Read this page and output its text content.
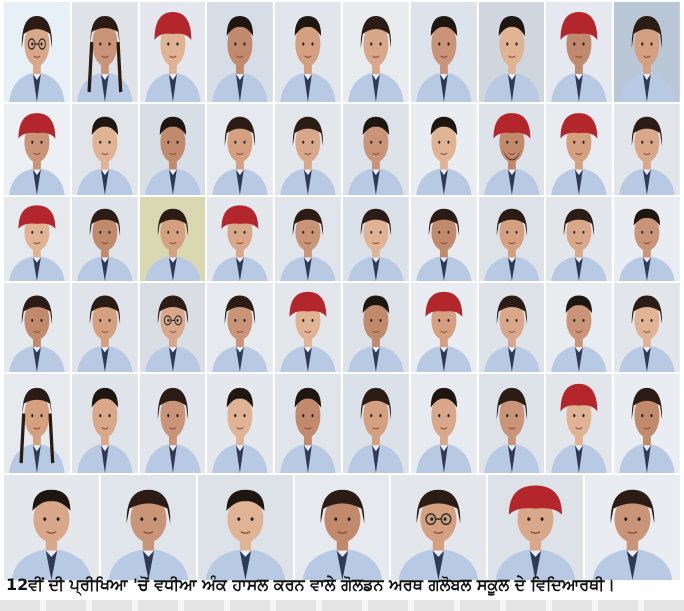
12ਵੀਂ ਦੀ ਪ੍ਰੀਖਿਆ 'ਚੋਂ ਵਧੀਆ ਅੰਕ ਹਾਸਲ ਕਰਨ ਵਾਲੇ ਗੋਲਡਨ ਅਰਥ ਗਲੋਬਲ ਸਕੂਲ ਦੇ ਵਿਦਿਆਰਥੀ।
